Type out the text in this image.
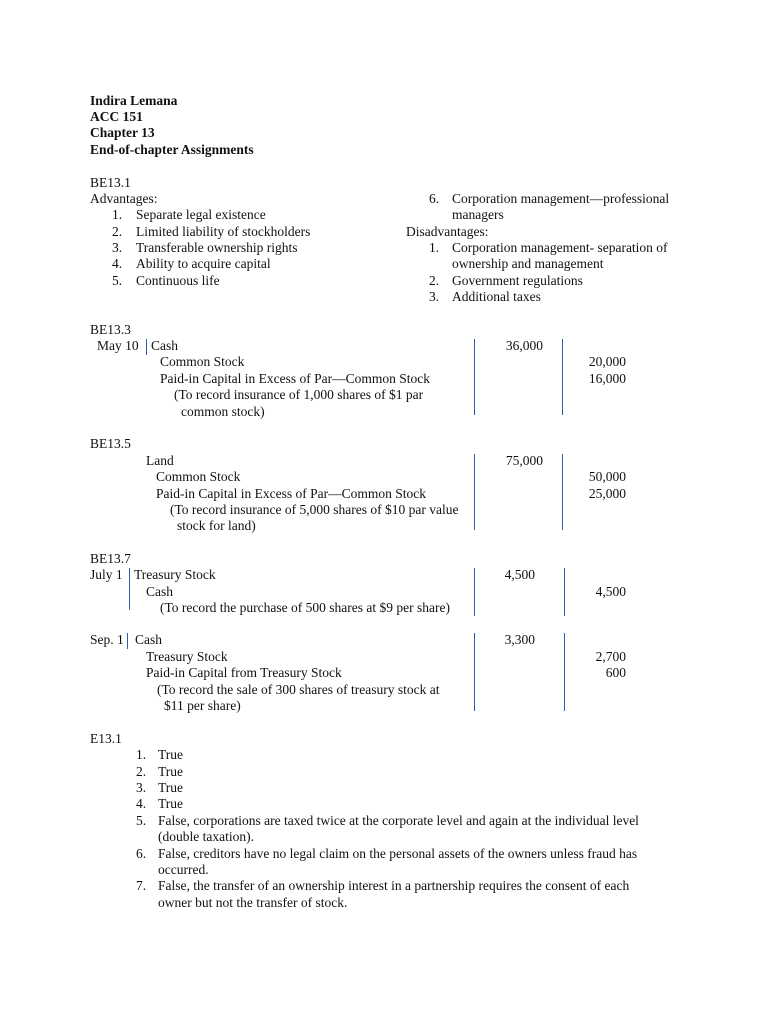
Indira Lemana
ACC 151
Chapter 13
End-of-chapter Assignments
BE13.1
Advantages:
1. Separate legal existence
2. Limited liability of stockholders
3. Transferable ownership rights
4. Ability to acquire capital
5. Continuous life
6. Corporation management—professional
managers
Disadvantages:
1. Corporation management- separation of
ownership and management
2. Government regulations
3. Additional taxes
BE13.3
May 10 Cash
Common Stock
Paid-in Capital in Excess of Par—Common Stock
(To record insurance of 1,000 shares of $1 par
common stock)
36,000
20,000
16,000
BE13.5
Land
Common Stock
Paid-in Capital in Excess of Par—Common Stock
(To record insurance of 5,000 shares of $10 par value
stock for land)
75,000
50,000
25,000
BE13.7
July 1 Treasury Stock
Cash
(To record the purchase of 500 shares at $9 per share)
4,500
4,500
Sep. 1 Cash
Treasury Stock
Paid-in Capital from Treasury Stock
(To record the sale of 300 shares of treasury stock at
$11 per share)
3,300
2,700
600
E13.1
1. True
2. True
3. True
4. True
5. False, corporations are taxed twice at the corporate level and again at the individual level
(double taxation).
6. False, creditors have no legal claim on the personal assets of the owners unless fraud has
occurred.
7. False, the transfer of an ownership interest in a partnership requires the consent of each
owner but not the transfer of stock.
